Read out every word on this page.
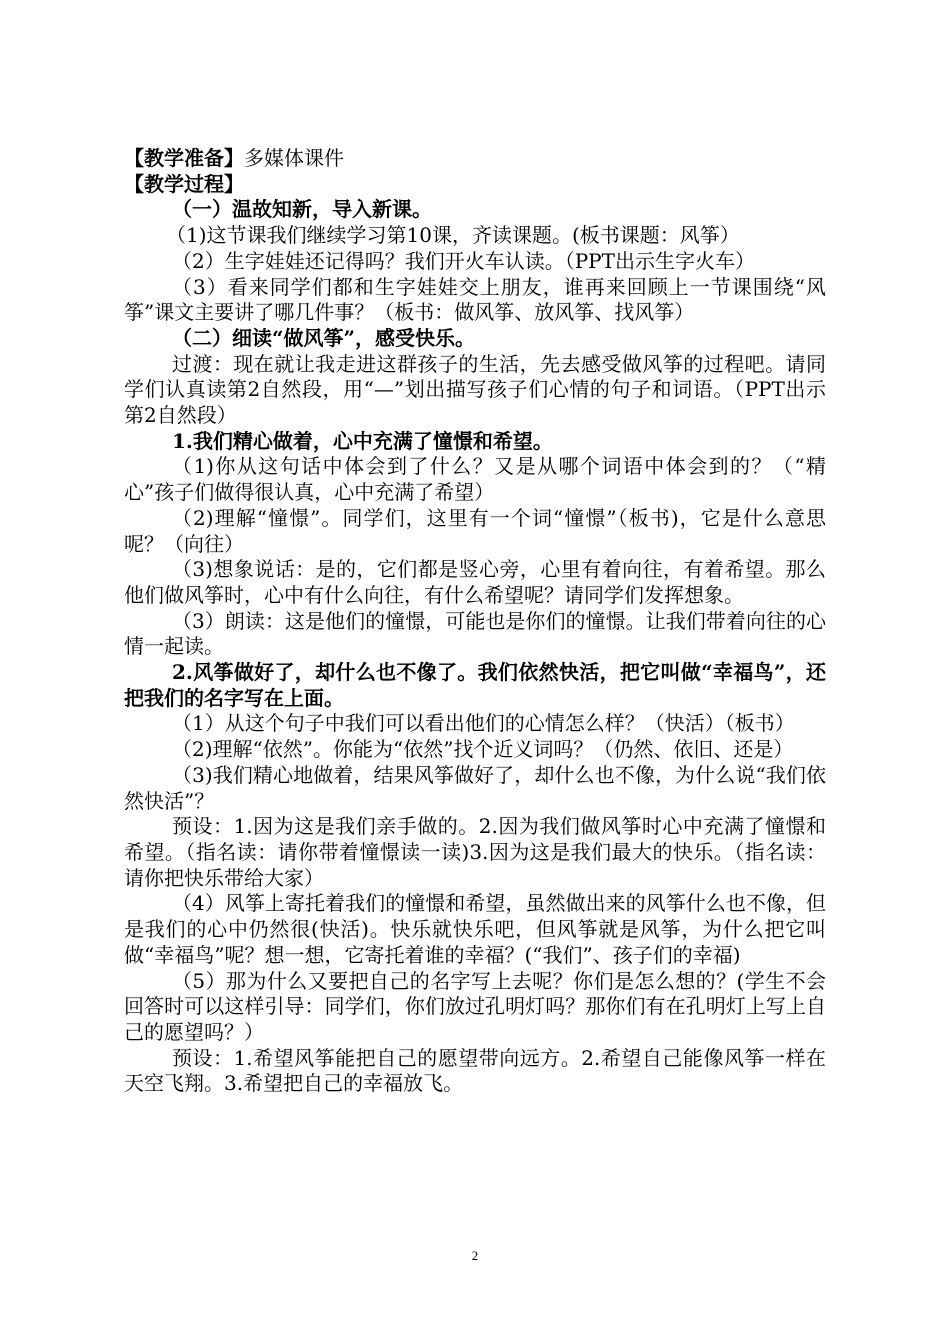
【教学准备】多媒体课件

【教学过程】

（一）温故知新，导入新课。

（1)这节课我们继续学习第10课，齐读课题。(板书课题：风筝）

（2）生字娃娃还记得吗？我们开火车认读。（PPT出示生字火车）

（3）看来同学们都和生字娃娃交上朋友，谁再来回顾上一节课围绕“风筝”课文主要讲了哪几件事？（板书：做风筝、放风筝、找风筝）

（二）细读“做风筝”，感受快乐。

过渡：现在就让我走进这群孩子的生活，先去感受做风筝的过程吧。请同学们认真读第2自然段，用“—”划出描写孩子们心情的句子和词语。（PPT出示第2自然段）

1.我们精心做着，心中充满了憧憬和希望。

（1)你从这句话中体会到了什么？又是从哪个词语中体会到的？（“精心”孩子们做得很认真，心中充满了希望）

（2)理解“憧憬”。同学们，这里有一个词“憧憬”（板书)，它是什么意思呢？（向往）

（3)想象说话：是的，它们都是竖心旁，心里有着向往，有着希望。那么他们做风筝时，心中有什么向往，有什么希望呢？请同学们发挥想象。

（3）朗读：这是他们的憧憬，可能也是你们的憧憬。让我们带着向往的心情一起读。

2.风筝做好了，却什么也不像了。我们依然快活，把它叫做“幸福鸟”，还把我们的名字写在上面。

（1）从这个句子中我们可以看出他们的心情怎么样？（快活）（板书）

（2)理解“依然”。你能为“依然”找个近义词吗？（仍然、依旧、还是）

（3)我们精心地做着，结果风筝做好了，却什么也不像，为什么说“我们依然快活”？

预设：1.因为这是我们亲手做的。2.因为我们做风筝时心中充满了憧憬和希望。（指名读：请你带着憧憬读一读)3.因为这是我们最大的快乐。（指名读：请你把快乐带给大家）

（4）风筝上寄托着我们的憧憬和希望，虽然做出来的风筝什么也不像，但是我们的心中仍然很(快活)。快乐就快乐吧，但风筝就是风筝，为什么把它叫做“幸福鸟”呢？想一想，它寄托着谁的幸福？(“我们”、孩子们的幸福)

（5）那为什么又要把自己的名字写上去呢？你们是怎么想的？(学生不会回答时可以这样引导：同学们，你们放过孔明灯吗？那你们有在孔明灯上写上自己的愿望吗？）

预设：1.希望风筝能把自己的愿望带向远方。2.希望自己能像风筝一样在天空飞翔。3.希望把自己的幸福放飞。

2
